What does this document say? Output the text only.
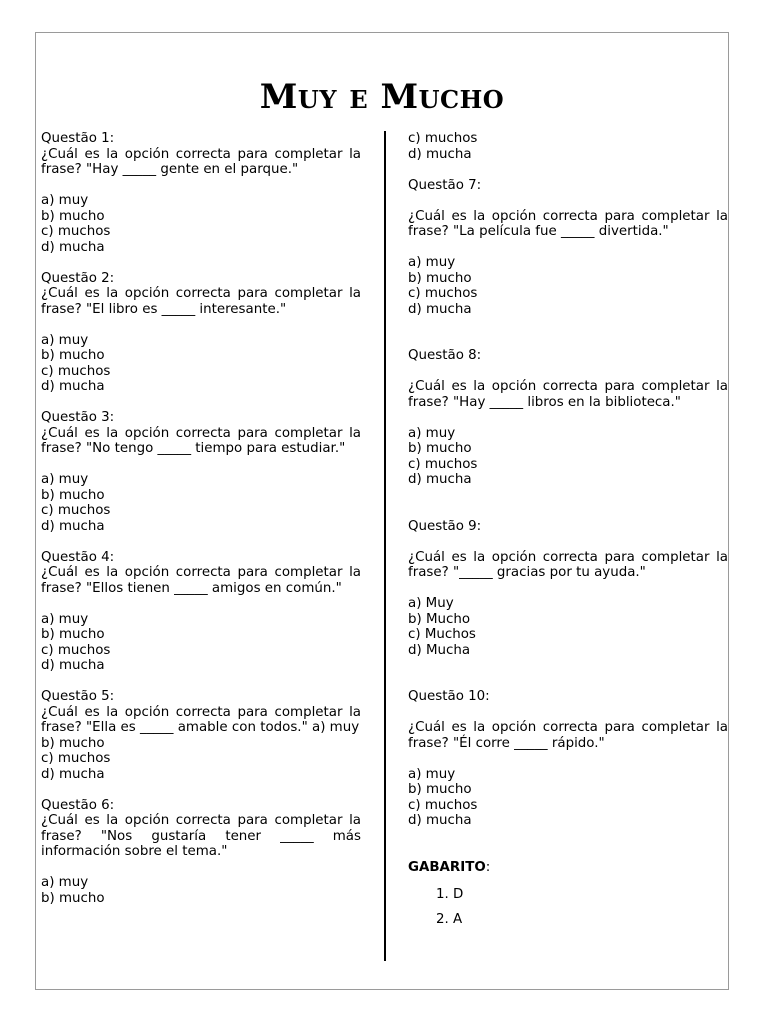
Muy e Mucho

Questão 1:

¿Cuál es la opción correcta para completar la frase? "Hay _____ gente en el parque."

a) muy
b) mucho
c) muchos
d) mucha

Questão 2:

¿Cuál es la opción correcta para completar la frase? "El libro es _____ interesante."

a) muy
b) mucho
c) muchos
d) mucha

Questão 3:

¿Cuál es la opción correcta para completar la frase? "No tengo _____ tiempo para estudiar."

a) muy
b) mucho
c) muchos
d) mucha

Questão 4:

¿Cuál es la opción correcta para completar la frase? "Ellos tienen _____ amigos en común."

a) muy
b) mucho
c) muchos
d) mucha

Questão 5:

¿Cuál es la opción correcta para completar la frase? "Ella es _____ amable con todos." a) muy

b) mucho
c) muchos
d) mucha

Questão 6:

¿Cuál es la opción correcta para completar la frase? "Nos gustaría tener _____ más información sobre el tema."

a) muy
b) mucho
c) muchos
d) mucha

Questão 7:

¿Cuál es la opción correcta para completar la frase? "La película fue _____ divertida."

a) muy
b) mucho
c) muchos
d) mucha

Questão 8:

¿Cuál es la opción correcta para completar la frase? "Hay _____ libros en la biblioteca."

a) muy
b) mucho
c) muchos
d) mucha

Questão 9:

¿Cuál es la opción correcta para completar la frase? "_____ gracias por tu ayuda."

a) Muy
b) Mucho
c) Muchos
d) Mucha

Questão 10:

¿Cuál es la opción correcta para completar la frase? "Él corre _____ rápido."

a) muy
b) mucho
c) muchos
d) mucha

GABARITO:

1. D
2. A
